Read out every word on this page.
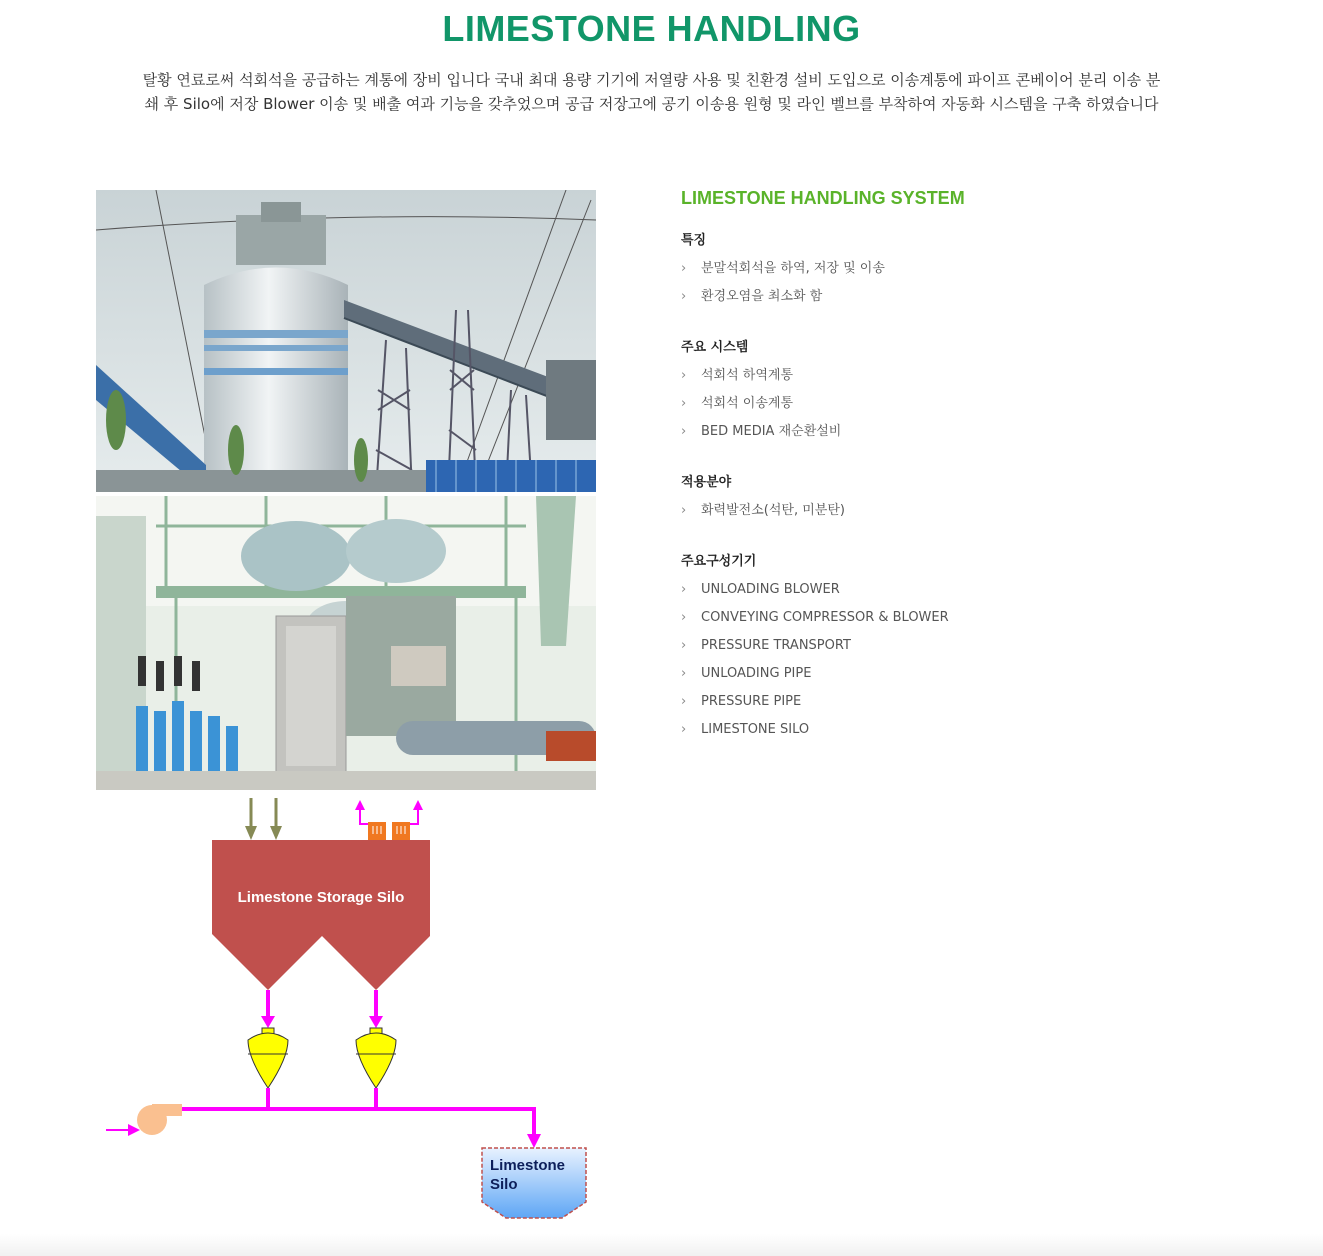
LIMESTONE HANDLING

탈황 연료로써 석회석을 공급하는 계통에 장비 입니다 국내 최대 용량 기기에 저열량 사용 및 친환경 설비 도입으로 이송계통에 파이프 콘베이어 분리 이송 분
쇄 후 Silo에 저장 Blower 이송 및 배출 여과 기능을 갖추었으며 공급 저장고에 공기 이송용 원형 및 라인 벨브를 부착하여 자동화 시스템을 구축 하였습니다

Limestone Storage Silo
Limestone
Silo
LIMESTONE HANDLING SYSTEM
특징
› 분말석회석을 하역, 저장 및 이송
› 환경오염을 최소화 함
주요 시스템
› 석회석 하역계통
› 석회석 이송계통
› BED MEDIA 재순환설비
적용분야
› 화력발전소(석탄, 미분탄)
주요구성기기
› UNLOADING BLOWER
› CONVEYING COMPRESSOR & BLOWER
› PRESSURE TRANSPORT
› UNLOADING PIPE
› PRESSURE PIPE
› LIMESTONE SILO
